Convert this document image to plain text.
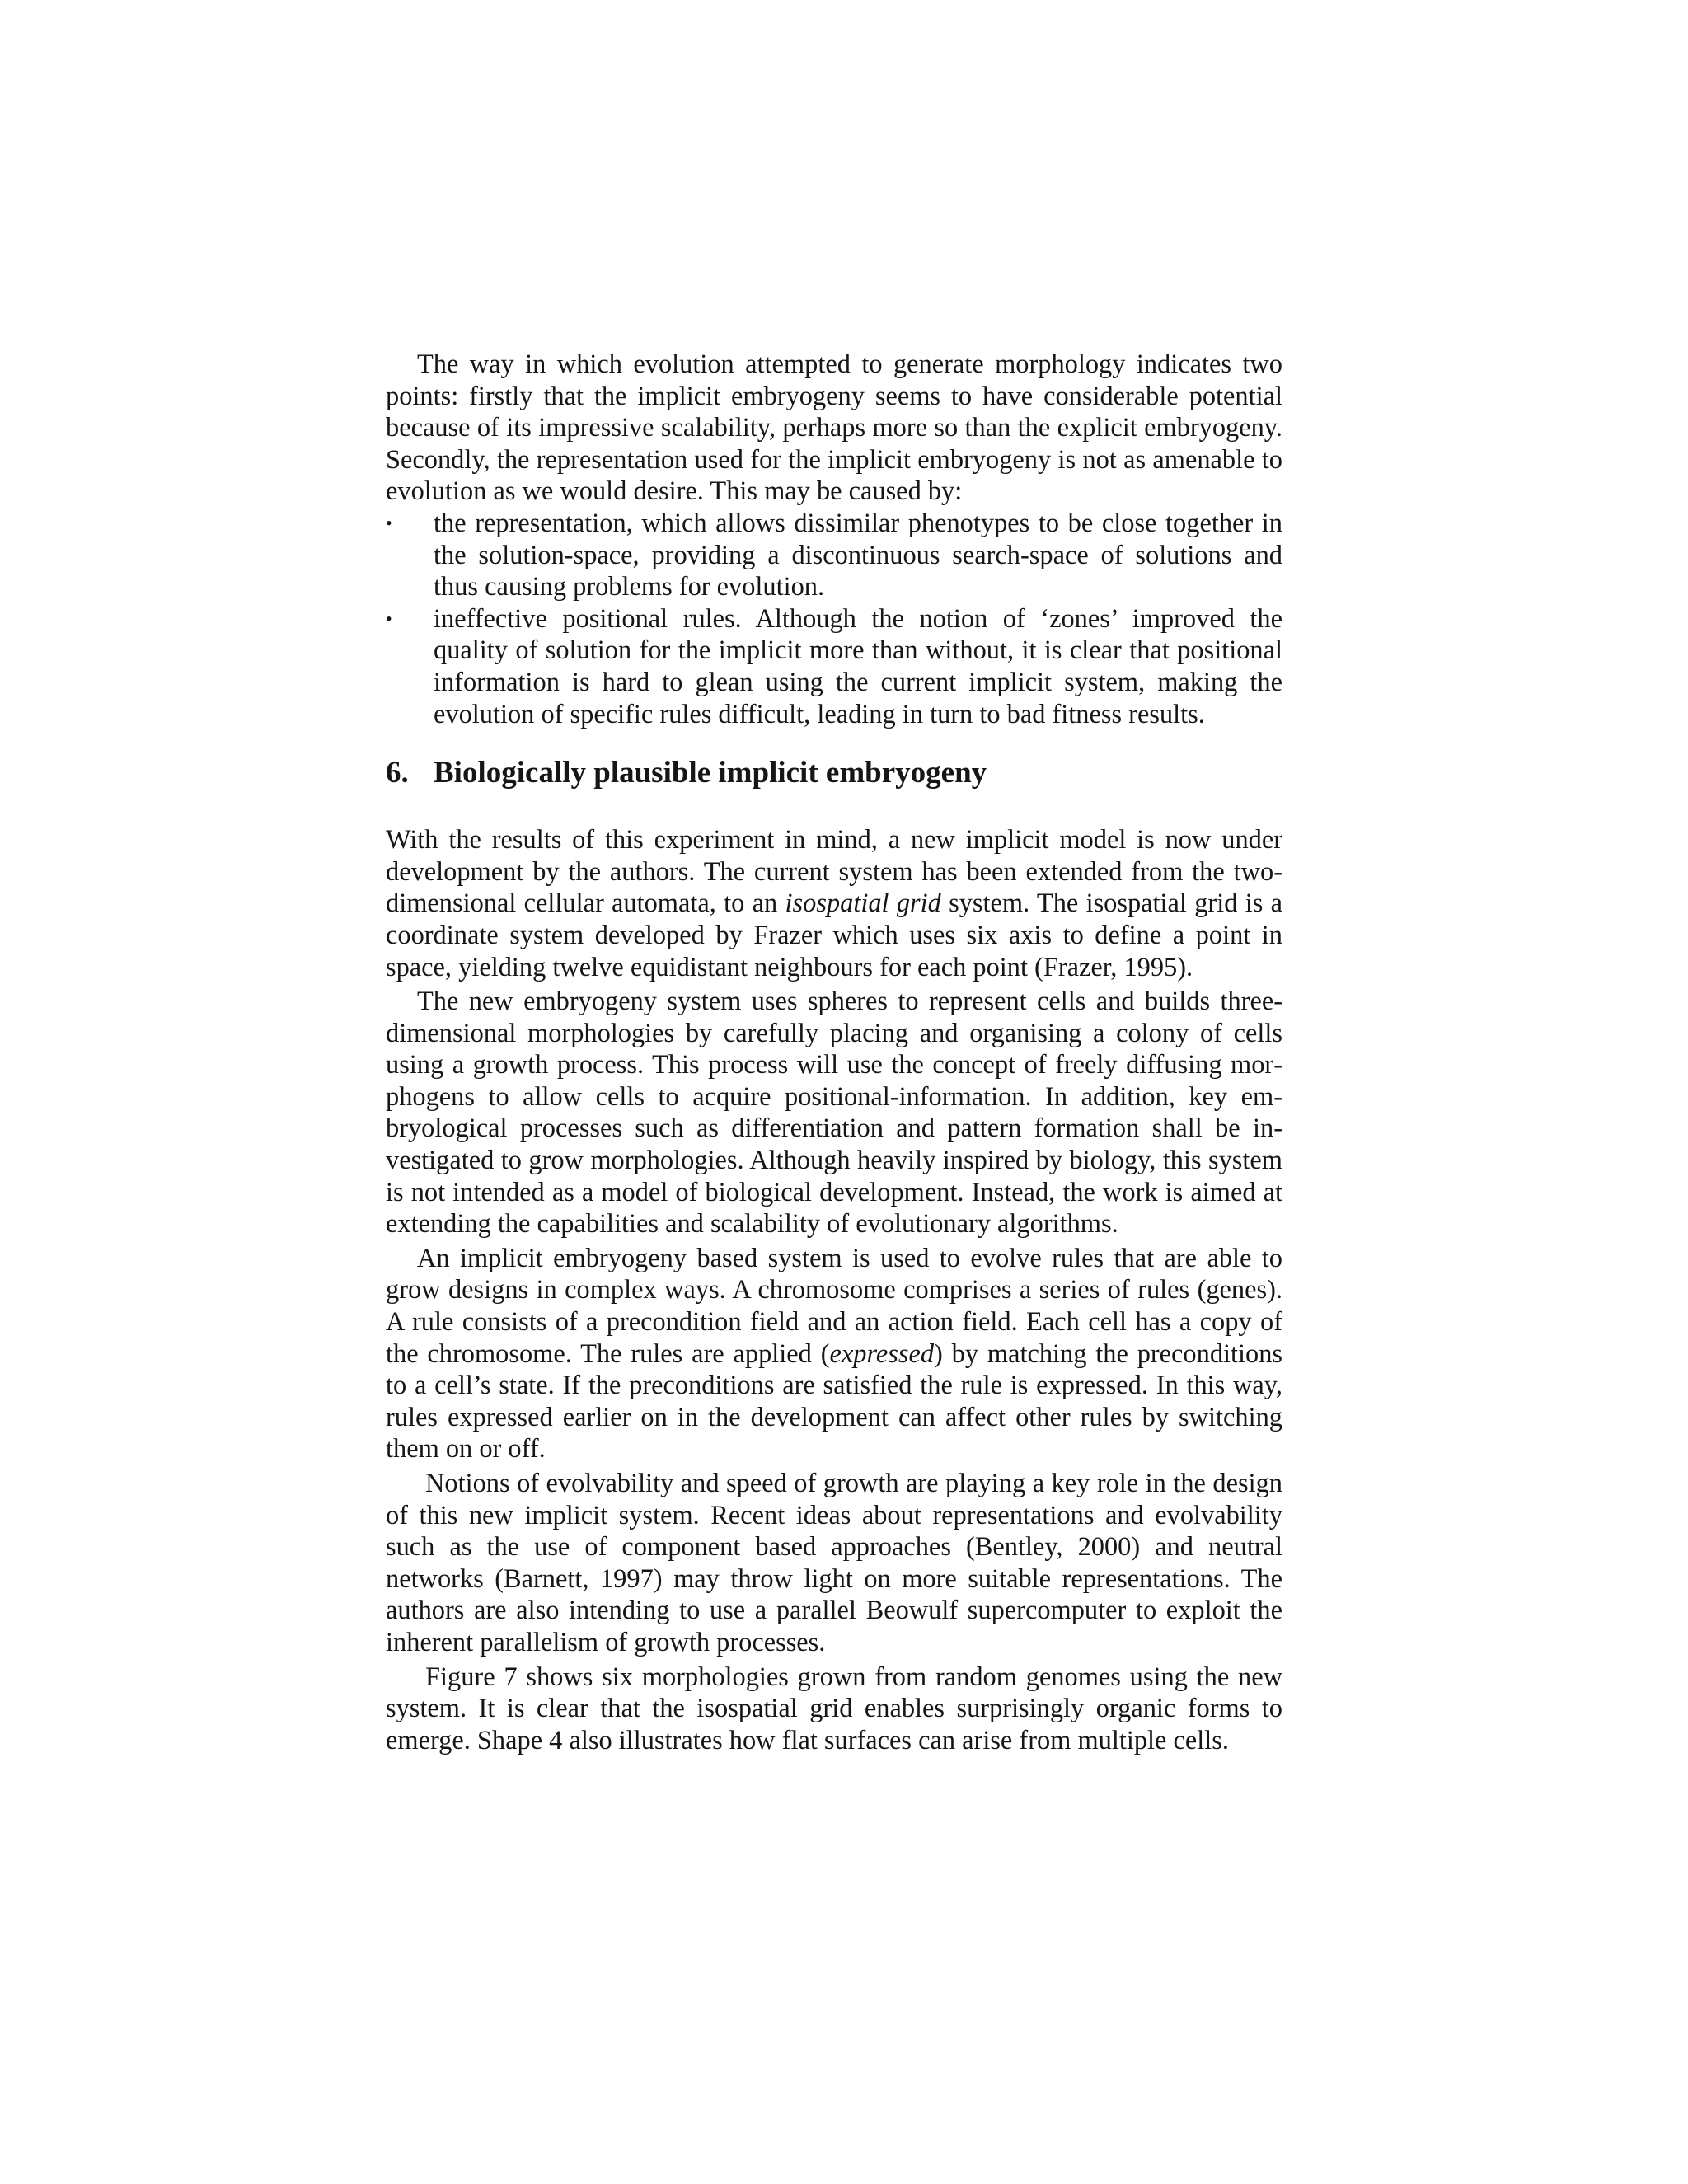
The way in which evolution attempted to generate morphology indicates two points: firstly that the implicit embryogeny seems to have considerable potential because of its impressive scalability, perhaps more so than the explicit embryogeny. Secondly, the representation used for the implicit embryogeny is not as amenable to evolution as we would desire. This may be caused by:

•	the representation, which allows dissimilar phenotypes to be close together in the solution-space, providing a discontinuous search-space of solutions and thus causing problems for evolution.
•	ineffective positional rules. Although the notion of ‘zones’ improved the quality of solution for the implicit more than without, it is clear that positional information is hard to glean using the current implicit system, making the evolution of specific rules difficult, leading in turn to bad fitness results.
6. Biologically plausible implicit embryogeny

With the results of this experiment in mind, a new implicit model is now under development by the authors. The current system has been extended from the two-dimensional cellular automata, to an isospatial grid system. The isospatial grid is a coordinate system developed by Frazer which uses six axis to define a point in space, yielding twelve equidistant neighbours for each point (Frazer, 1995).

The new embryogeny system uses spheres to represent cells and builds three-dimensional morphologies by carefully placing and organising a colony of cells using a growth process. This process will use the concept of freely diffusing morphogens to allow cells to acquire positional-information. In addition, key embryological processes such as differentiation and pattern formation shall be investigated to grow morphologies. Although heavily inspired by biology, this system is not intended as a model of biological development. Instead, the work is aimed at extending the capabilities and scalability of evolutionary algorithms.

An implicit embryogeny based system is used to evolve rules that are able to grow designs in complex ways. A chromosome comprises a series of rules (genes). A rule consists of a precondition field and an action field. Each cell has a copy of the chromosome. The rules are applied (expressed) by matching the preconditions to a cell’s state. If the preconditions are satisfied the rule is expressed. In this way, rules expressed earlier on in the development can affect other rules by switching them on or off.

Notions of evolvability and speed of growth are playing a key role in the design of this new implicit system. Recent ideas about representations and evolvability such as the use of component based approaches (Bentley, 2000) and neutral networks (Barnett, 1997) may throw light on more suitable representations. The authors are also intending to use a parallel Beowulf supercomputer to exploit the inherent parallelism of growth processes.

Figure 7 shows six morphologies grown from random genomes using the new system. It is clear that the isospatial grid enables surprisingly organic forms to emerge. Shape 4 also illustrates how flat surfaces can arise from multiple cells.
